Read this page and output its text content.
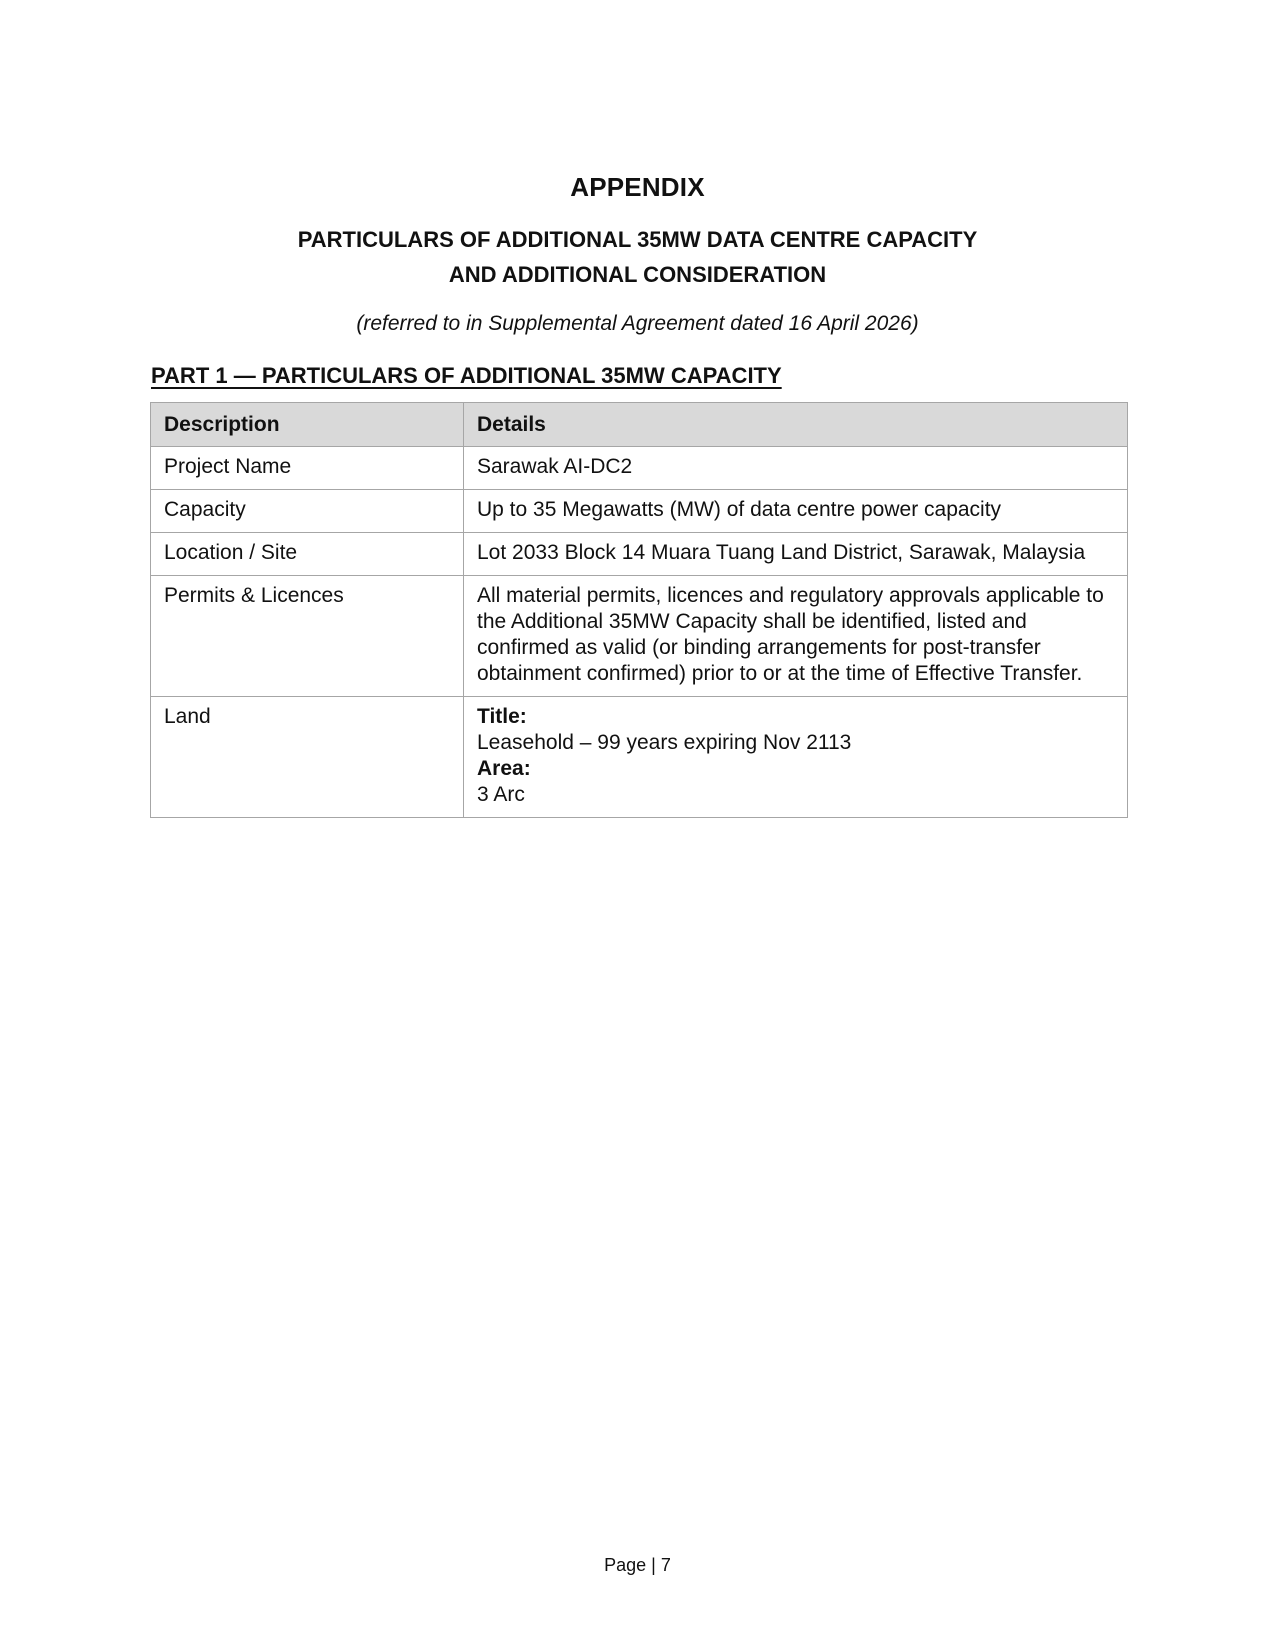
APPENDIX
PARTICULARS OF ADDITIONAL 35MW DATA CENTRE CAPACITY
AND ADDITIONAL CONSIDERATION
(referred to in Supplemental Agreement dated 16 April 2026)
PART 1 — PARTICULARS OF ADDITIONAL 35MW CAPACITY
Description	Details
Project Name	Sarawak AI-DC2
Capacity	Up to 35 Megawatts (MW) of data centre power capacity
Location / Site	Lot 2033 Block 14 Muara Tuang Land District, Sarawak, Malaysia
Permits & Licences	All material permits, licences and regulatory approvals applicable to the Additional 35MW Capacity shall be identified, listed and confirmed as valid (or binding arrangements for post-transfer obtainment confirmed) prior to or at the time of Effective Transfer.
Land	Title:
Leasehold – 99 years expiring Nov 2113
Area:
3 Arc
Page | 7
